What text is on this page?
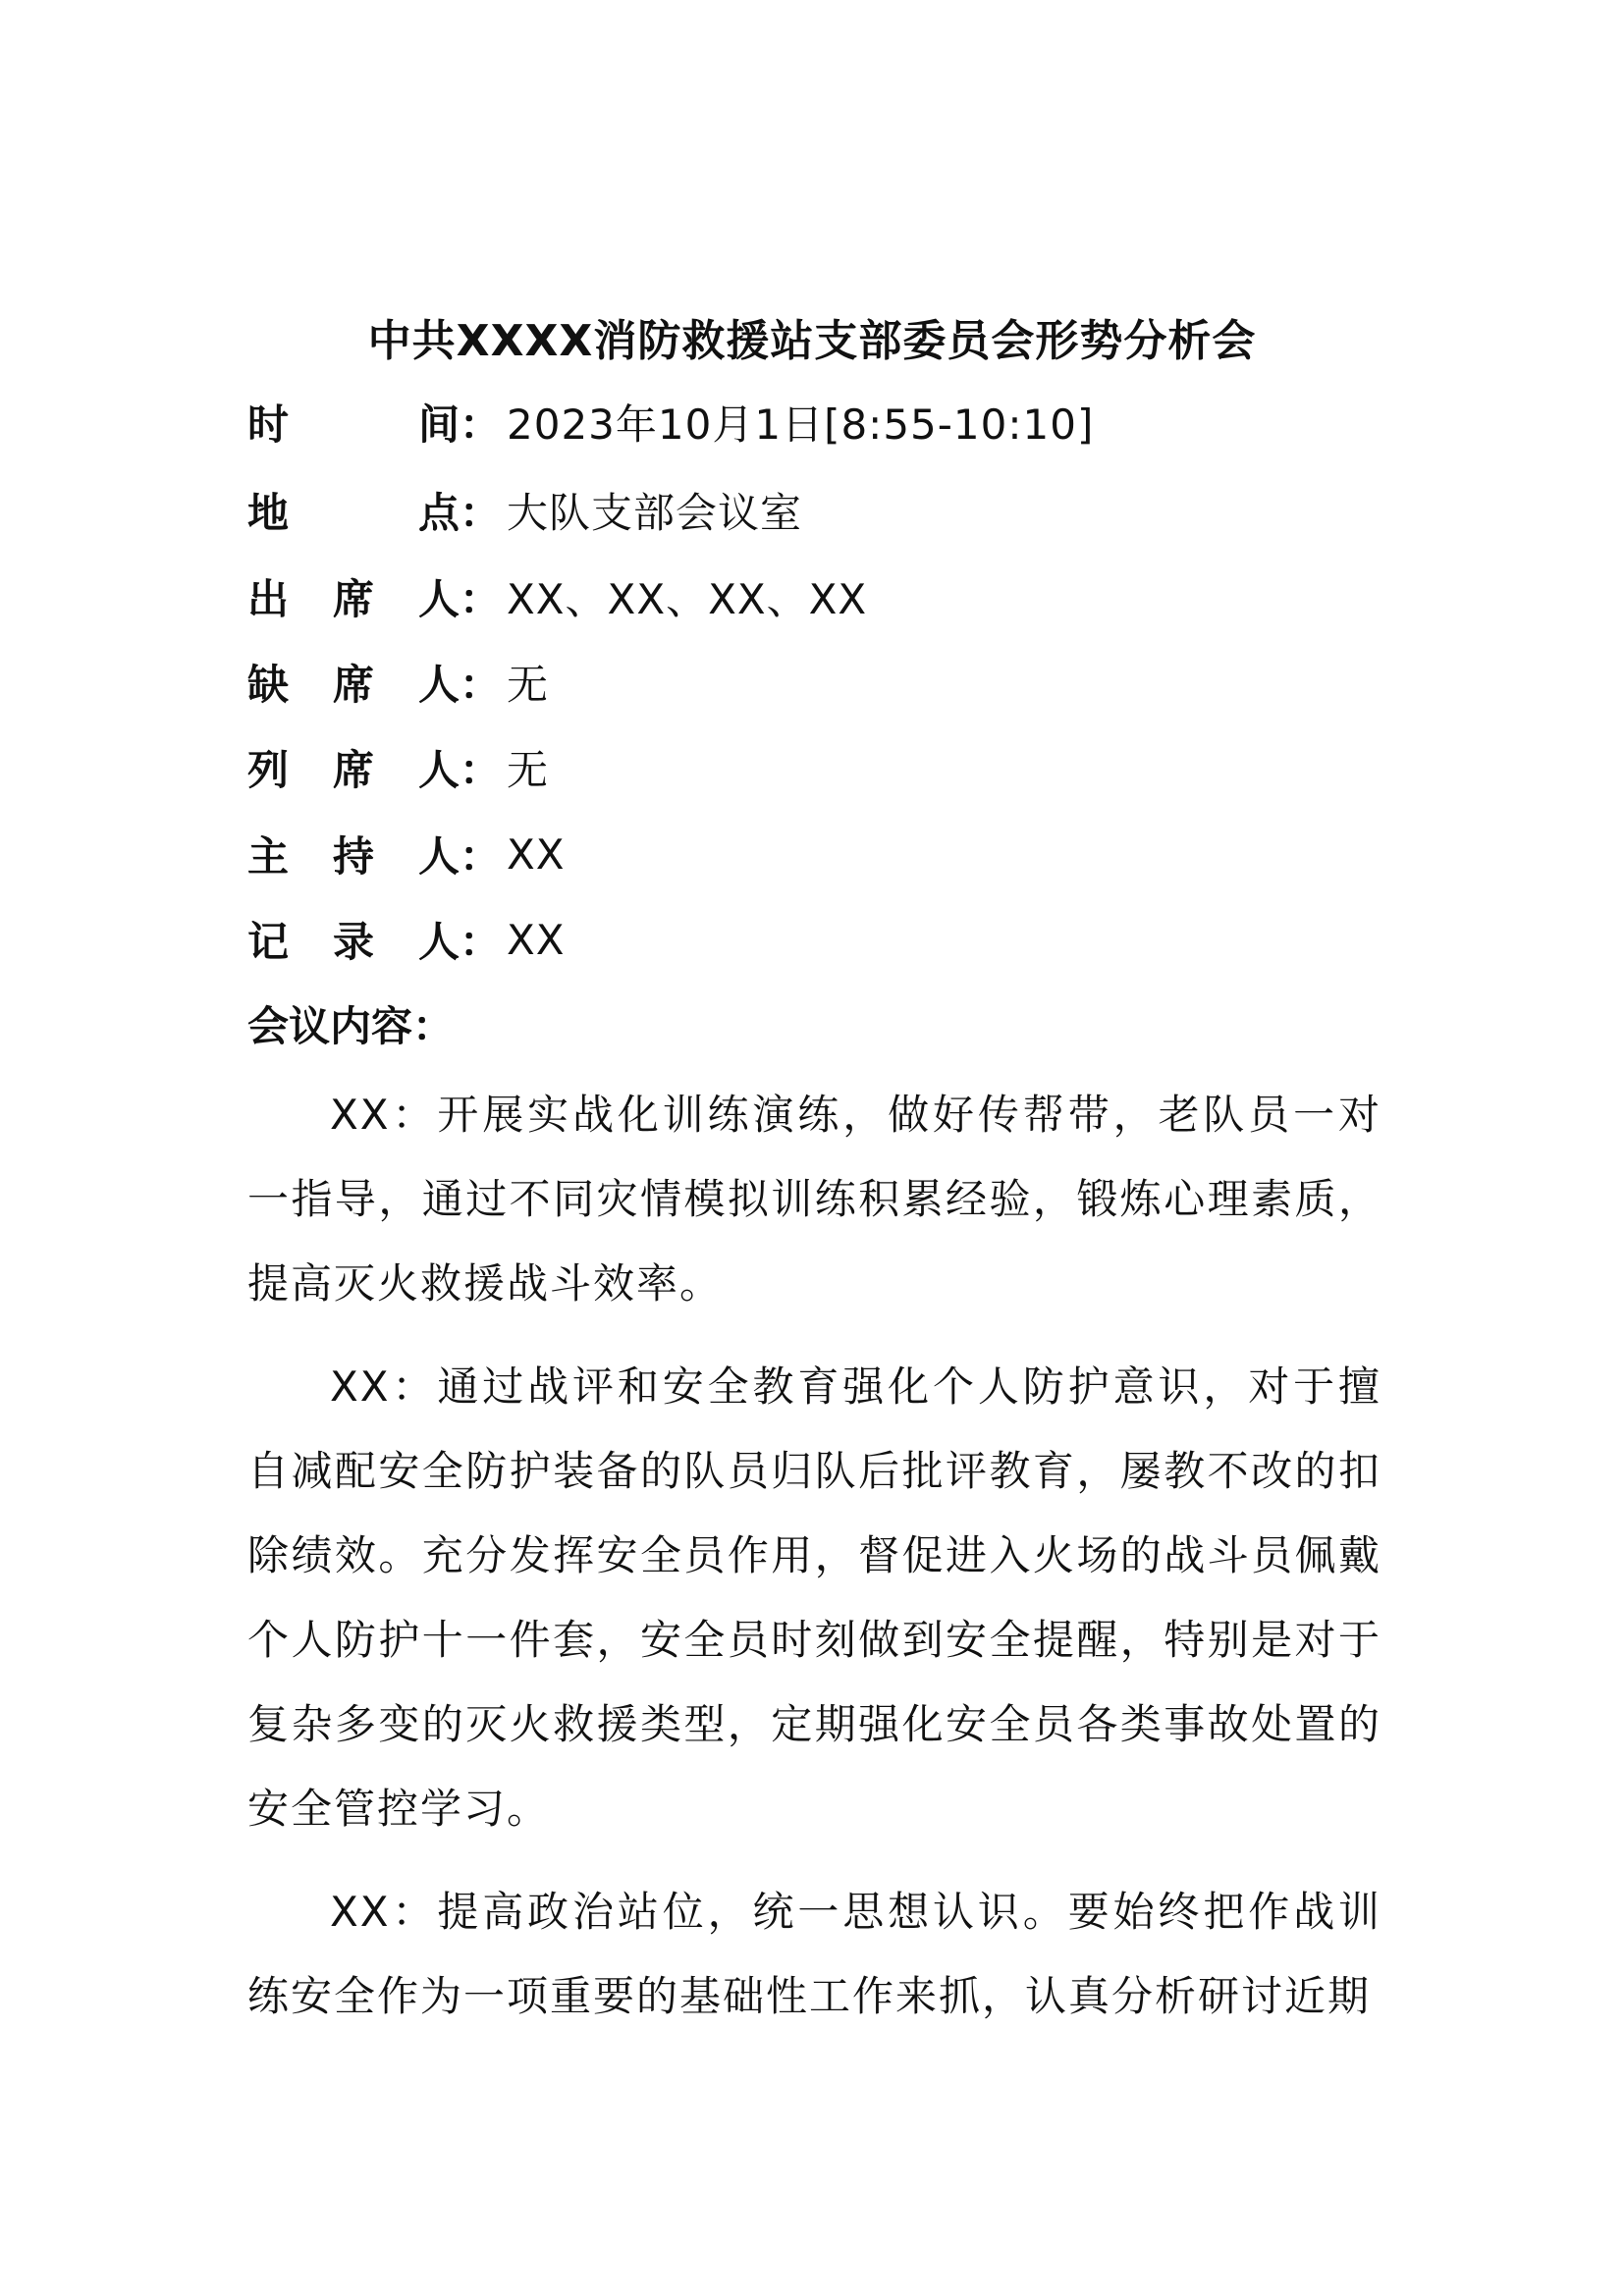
中共XXXX消防救援站支部委员会形势分析会
时间 ： 2023年10月1日[8:55-10:10]
地点 ： 大队支部会议室
出席人 ： XX、XX、XX、XX
缺席人 ： 无
列席人 ： 无
主持人 ： XX
记录人 ： XX
会议内容：

XX：开展实战化训练演练，做好传帮带，老队员一对一指导，通过不同灾情模拟训练积累经验，锻炼心理素质，提高灭火救援战斗效率。

XX：通过战评和安全教育强化个人防护意识，对于擅自减配安全防护装备的队员归队后批评教育，屡教不改的扣除绩效。充分发挥安全员作用，督促进入火场的战斗员佩戴个人防护十一件套，安全员时刻做到安全提醒，特别是对于复杂多变的灭火救援类型，定期强化安全员各类事故处置的安全管控学习。

XX：提高政治站位，统一思想认识。要始终把作战训练安全作为一项重要的基础性工作来抓，认真分析研讨近期
